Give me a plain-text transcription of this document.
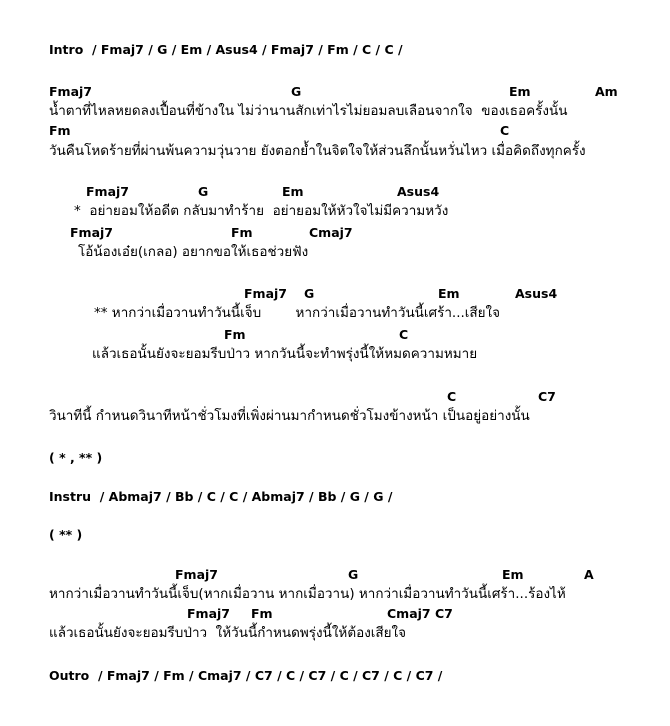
Intro  / Fmaj7 / G / Em / Asus4 / Fmaj7 / Fm / C / C /

Fmaj7

	G

	Em

	Am

น้ำตาที่ไหลหยดลงเปื้อนที่ข้างใน ไม่ว่านานสักเท่าไรไม่ยอมลบเลือนจากใจ  ของเธอครั้งนั้น

Fm

	C

วันคืนโหดร้ายที่ผ่านพ้นความวุ่นวาย ยังตอกย้ำในจิตใจให้ส่วนลึกนั้นหวั่นไหว เมื่อคิดถึงทุกครั้ง

Fmaj7

	G

	Em

	Asus4

*  อย่ายอมให้อดีต กลับมาทำร้าย  อย่ายอมให้หัวใจไม่มีความหวัง

Fmaj7

	Fm

	Cmaj7

โอ้น้องเอ๋ย(เกลอ) อยากขอให้เธอช่วยฟัง

Fmaj7

G

	Em

	Asus4

** หากว่าเมื่อวานทำวันนี้เจ็บ        หากว่าเมื่อวานทำวันนี้เศร้า...เสียใจ

Fm

	C

แล้วเธอนั้นยังจะยอมรีบป่าว หากวันนี้จะทำพรุ่งนี้ให้หมดความหมาย

C

	C7

วินาทีนี้ กำหนดวินาทีหน้าชั่วโมงที่เพิ่งผ่านมากำหนดชั่วโมงข้างหน้า เป็นอยู่อย่างนั้น
( * , ** )
Instru  / Abmaj7 / Bb / C / C / Abmaj7 / Bb / G / G /
( ** )

Fmaj7

	G

	Em

	A

หากว่าเมื่อวานทำวันนี้เจ็บ(หากเมื่อวาน หากเมื่อวาน) หากว่าเมื่อวานทำวันนี้เศร้า...ร้องไห้

Fmaj7

Fm

	Cmaj7 C7

แล้วเธอนั้นยังจะยอมรีบป่าว  ให้วันนี้กำหนดพรุ่งนี้ให้ต้องเสียใจ
Outro  / Fmaj7 / Fm / Cmaj7 / C7 / C / C7 / C / C7 / C / C7 /
